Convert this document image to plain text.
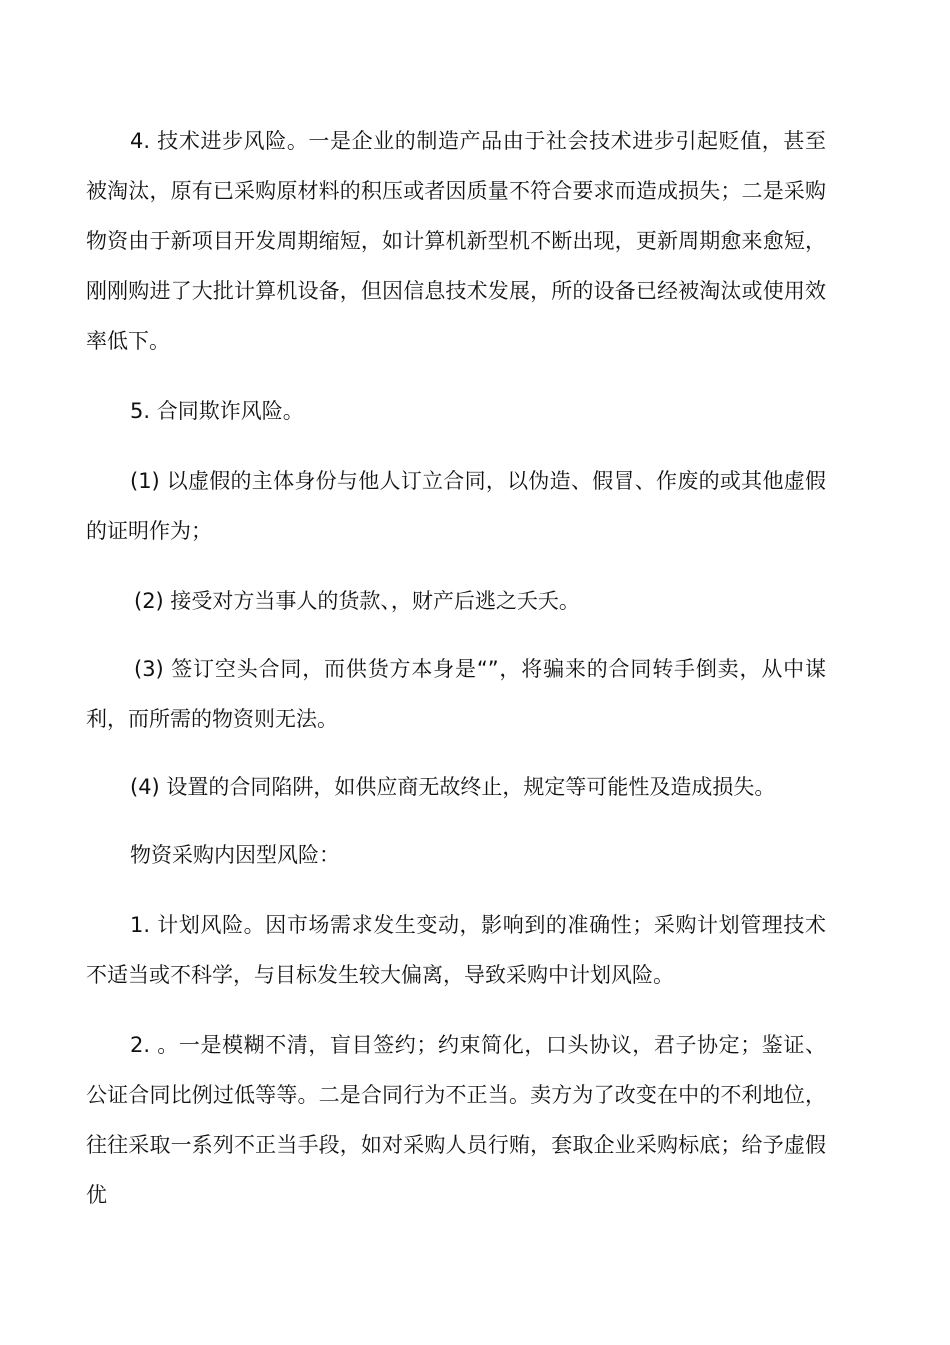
4. 技术进步风险。一是企业的制造产品由于社会技术进步引起贬值，甚至被淘汰，原有已采购原材料的积压或者因质量不符合要求而造成损失；二是采购物资由于新项目开发周期缩短，如计算机新型机不断出现，更新周期愈来愈短，刚刚购进了大批计算机设备，但因信息技术发展，所的设备已经被淘汰或使用效率低下。

5. 合同欺诈风险。

(1) 以虚假的主体身份与他人订立合同，以伪造、假冒、作废的或其他虚假的证明作为；

(2) 接受对方当事人的货款、，财产后逃之夭夭。

(3) 签订空头合同，而供货方本身是“”，将骗来的合同转手倒卖，从中谋利，而所需的物资则无法。

(4) 设置的合同陷阱，如供应商无故终止，规定等可能性及造成损失。

物资采购内因型风险：

1. 计划风险。因市场需求发生变动，影响到的准确性；采购计划管理技术不适当或不科学，与目标发生较大偏离，导致采购中计划风险。

2. 。一是模糊不清，盲目签约；约束简化，口头协议，君子协定；鉴证、公证合同比例过低等等。二是合同行为不正当。卖方为了改变在中的不利地位，往往采取一系列不正当手段，如对采购人员行贿，套取企业采购标底；给予虚假优
